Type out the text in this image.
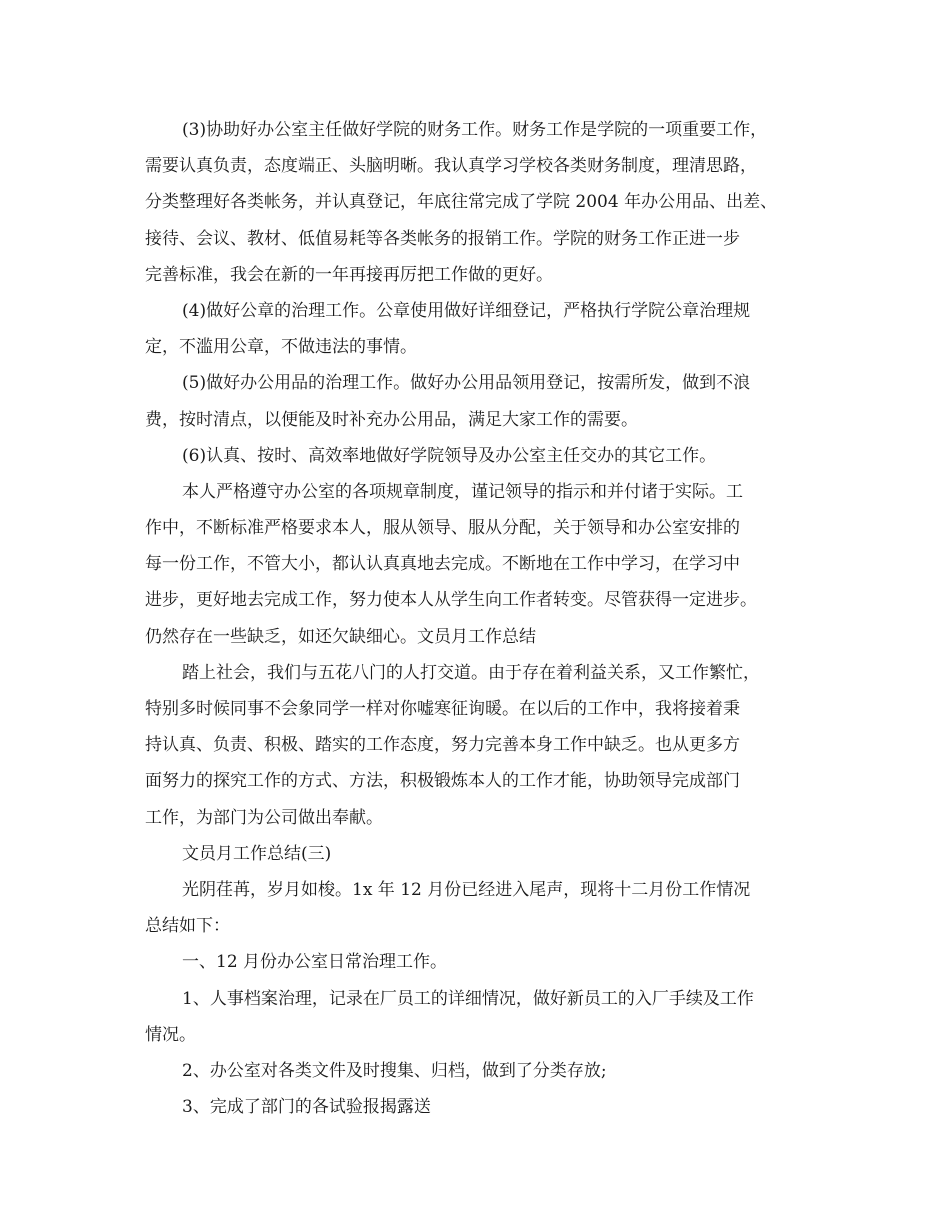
(3)协助好办公室主任做好学院的财务工作。财务工作是学院的一项重要工作，
需要认真负责，态度端正、头脑明晰。我认真学习学校各类财务制度，理清思路，
分类整理好各类帐务，并认真登记，年底往常完成了学院 2004 年办公用品、出差、
接待、会议、教材、低值易耗等各类帐务的报销工作。学院的财务工作正进一步
完善标准，我会在新的一年再接再厉把工作做的更好。
(4)做好公章的治理工作。公章使用做好详细登记，严格执行学院公章治理规
定，不滥用公章，不做违法的事情。
(5)做好办公用品的治理工作。做好办公用品领用登记，按需所发，做到不浪
费，按时清点，以便能及时补充办公用品，满足大家工作的需要。
(6)认真、按时、高效率地做好学院领导及办公室主任交办的其它工作。
本人严格遵守办公室的各项规章制度，谨记领导的指示和并付诸于实际。工
作中，不断标准严格要求本人，服从领导、服从分配，关于领导和办公室安排的
每一份工作，不管大小，都认认真真地去完成。不断地在工作中学习，在学习中
进步，更好地去完成工作，努力使本人从学生向工作者转变。尽管获得一定进步。
仍然存在一些缺乏，如还欠缺细心。文员月工作总结
踏上社会，我们与五花八门的人打交道。由于存在着利益关系，又工作繁忙，
特别多时候同事不会象同学一样对你嘘寒征询暖。在以后的工作中，我将接着秉
持认真、负责、积极、踏实的工作态度，努力完善本身工作中缺乏。也从更多方
面努力的探究工作的方式、方法，积极锻炼本人的工作才能，协助领导完成部门
工作，为部门为公司做出奉献。
文员月工作总结(三)
光阴荏苒，岁月如梭。1x 年 12 月份已经进入尾声，现将十二月份工作情况
总结如下：
一、12 月份办公室日常治理工作。
1、人事档案治理，记录在厂员工的详细情况，做好新员工的入厂手续及工作
情况。
2、办公室对各类文件及时搜集、归档，做到了分类存放;
3、完成了部门的各试验报揭露送
